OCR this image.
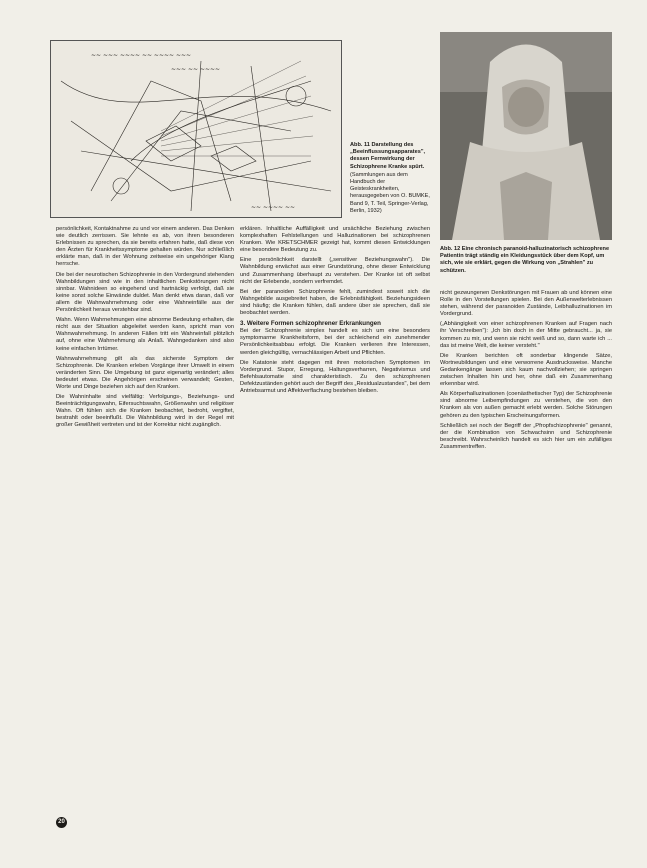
~~ ~~~ ~~~~ ~~ ~~~~ ~~~
~~~ ~~ ~~~~
~~ ~~~~ ~~
Abb. 11 Darstellung des „Beeinflussungsapparates", dessen Fernwirkung der Schizophrene Kranke spürt.
(Sammlungen aus dem Handbuch der Geisteskrankheiten, herausgegeben von O. BUMKE, Band 9, T. Teil, Springer-Verlag, Berlin, 1932)
Abb. 12 Eine chronisch paranoid-halluzinatorisch schizophrene Patientin trägt ständig ein Kleidungsstück über dem Kopf, um sich, wie sie erklärt, gegen die Wirkung von „Strahlen" zu schützen.

persönlichkeit, Kontaktnahme zu und vor einem anderen. Das Denken wie deutlich zerrissen. Sie lehnte es ab, von ihren besonderen Erlebnissen zu sprechen, da sie bereits erfahren hatte, daß diese von den Ärzten für Krankheitssymptome gehalten würden. Nur schließlich erklärte man, daß in der Wohnung zeitweise ein ungehöriger Klang herrsche.

Die bei der neurotischen Schizophrenie in den Vordergrund stehenden Wahnbildungen sind wie in den inhaltlichen Denkstörungen nicht sinnbar. Wahnideen so eingehend und hartnäckig verfolgt, daß sie keine sonst solche Einwände duldet. Man denkt etwa daran, daß vor allem die Wahnwahrnehmung oder eine Wahneinfälle aus der Persönlichkeit heraus verstehbar sind.

Wahn. Wenn Wahrnehmungen eine abnorme Bedeutung erhalten, die nicht aus der Situation abgeleitet werden kann, spricht man von Wahnwahrnehmung. In anderen Fällen tritt ein Wahneinfall plötzlich auf, ohne eine Wahrnehmung als Anlaß. Wahngedanken sind also keine einfachen Irrtümer.

Wahnwahrnehmung gilt als das sicherste Symptom der Schizophrenie. Die Kranken erleben Vorgänge ihrer Umwelt in einem veränderten Sinn. Die Umgebung ist ganz eigenartig verändert; alles bedeutet etwas. Die Angehörigen erscheinen verwandelt; Gesten, Worte und Dinge beziehen sich auf den Kranken.

Die Wahninhalte sind vielfältig: Verfolgungs-, Beziehungs- und Beeinträchtigungswahn, Eifersuchtswahn, Größenwahn und religiöser Wahn. Oft fühlen sich die Kranken beobachtet, bedroht, vergiftet, bestrahlt oder beeinflußt. Die Wahnbildung wird in der Regel mit großer Gewißheit vertreten und ist der Korrektur nicht zugänglich.

erklären. Inhaltliche Auffälligkeit und ursächliche Beziehung zwischen komplexhaften Fehlstellungen und Halluzinationen bei schizophrenen Kranken. Wie KRETSCHMER gezeigt hat, kommt diesen Entwicklungen eine besondere Bedeutung zu.

Eine persönlichkeit darstellt („sensitiver Beziehungswahn"). Die Wahnbildung erwächst aus einer Grundstörung, ohne dieser Entwicklung und Zusammenhang überhaupt zu verstehen. Der Kranke ist oft selbst nicht der Erlebende, sondern verfremdet.

Bei der paranoiden Schizophrenie fehlt, zumindest soweit sich die Wahngebilde ausgebreitet haben, die Erlebnisfähigkeit. Beziehungsideen sind häufig; die Kranken fühlen, daß andere über sie sprechen, daß sie beobachtet werden.

3. Weitere Formen schizophrener Erkrankungen

Bei der Schizophrenie simplex handelt es sich um eine besonders symptomarme Krankheitsform, bei der schleichend ein zunehmender Persönlichkeitsabbau erfolgt. Die Kranken verlieren ihre Interessen, werden gleichgültig, vernachlässigen Arbeit und Pflichten.

Die Katatonie steht dagegen mit ihren motorischen Symptomen im Vordergrund. Stupor, Erregung, Haltungsverharren, Negativismus und Befehlsautomatie sind charakteristisch. Zu den schizophrenen Defektzuständen gehört auch der Begriff des „Residualzustandes", bei dem Antriebsarmut und Affektverflachung bestehen bleiben.

nicht gezwungenen Denkstörungen mit Frauen ab und können eine Rolle in den Vorstellungen spielen. Bei den Außenwelterlebnissen stehen, während der paranoiden Zustände, Leibhalluzinationen im Vordergrund.

(„Abhängigkeit von einer schizophrenen Kranken auf Fragen nach ihr Verschreiben"): „Ich bin doch in der Mitte gebraucht... ja, sie kommen zu mir, und wenn sie nicht weiß und so, dann warte ich ... das ist meine Welt, die keiner versteht."

Die Kranken berichten oft sonderbar klingende Sätze, Wortneubildungen und eine verworrene Ausdrucksweise. Manche Gedankengänge lassen sich kaum nachvollziehen; sie springen zwischen Inhalten hin und her, ohne daß ein Zusammenhang erkennbar wird.

Als Körperhalluzinationen (coenästhetischer Typ) der Schizophrenie sind abnorme Leibempfindungen zu verstehen, die von den Kranken als von außen gemacht erlebt werden. Solche Störungen gehören zu den typischen Erscheinungsformen.

Schließlich sei noch der Begriff der „Pfropfschizophrenie" genannt, der die Kombination von Schwachsinn und Schizophrenie beschreibt. Wahrscheinlich handelt es sich hier um ein zufälliges Zusammentreffen.

20
